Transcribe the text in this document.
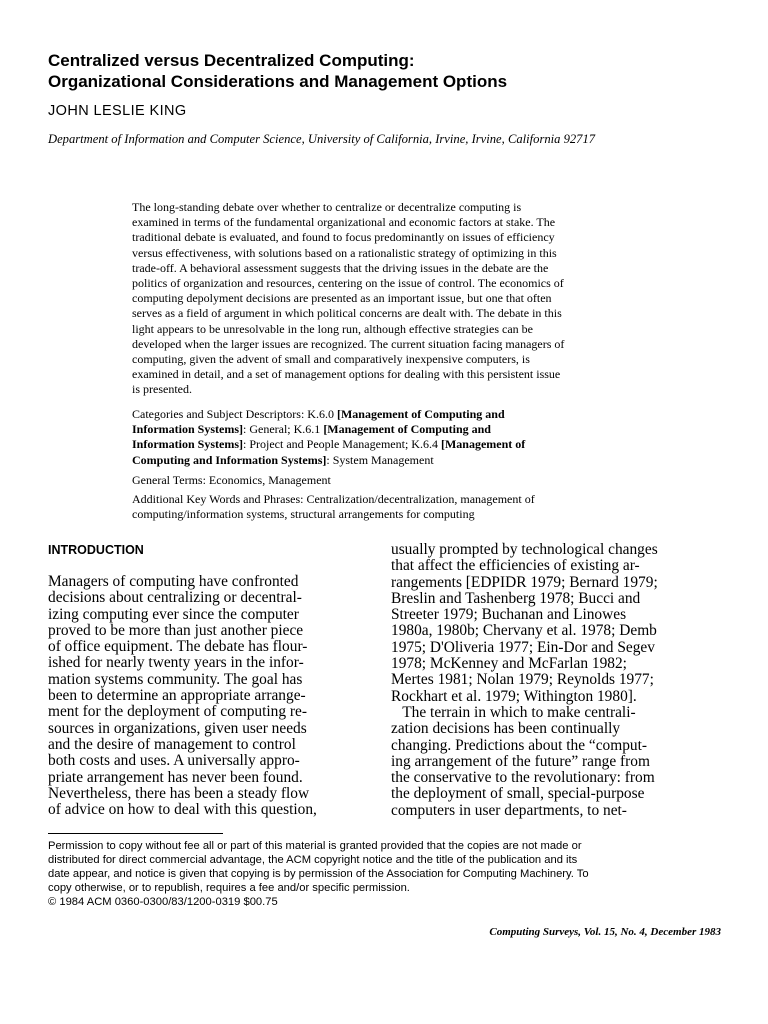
Centralized versus Decentralized Computing:
Organizational Considerations and Management Options
JOHN LESLIE KING
Department of Information and Computer Science, University of California, Irvine, Irvine, California 92717
The long-standing debate over whether to centralize or decentralize computing is
examined in terms of the fundamental organizational and economic factors at stake. The
traditional debate is evaluated, and found to focus predominantly on issues of efficiency
versus effectiveness, with solutions based on a rationalistic strategy of optimizing in this
trade-off. A behavioral assessment suggests that the driving issues in the debate are the
politics of organization and resources, centering on the issue of control. The economics of
computing depolyment decisions are presented as an important issue, but one that often
serves as a field of argument in which political concerns are dealt with. The debate in this
light appears to be unresolvable in the long run, although effective strategies can be
developed when the larger issues are recognized. The current situation facing managers of
computing, given the advent of small and comparatively inexpensive computers, is
examined in detail, and a set of management options for dealing with this persistent issue
is presented.
Categories and Subject Descriptors: K.6.0 [Management of Computing and
Information Systems]: General; K.6.1 [Management of Computing and
Information Systems]: Project and People Management; K.6.4 [Management of
Computing and Information Systems]: System Management
General Terms: Economics, Management
Additional Key Words and Phrases: Centralization/decentralization, management of
computing/information systems, structural arrangements for computing
INTRODUCTION
Managers of computing have confronted
decisions about centralizing or decentral-
izing computing ever since the computer
proved to be more than just another piece
of office equipment. The debate has flour-
ished for nearly twenty years in the infor-
mation systems community. The goal has
been to determine an appropriate arrange-
ment for the deployment of computing re-
sources in organizations, given user needs
and the desire of management to control
both costs and uses. A universally appro-
priate arrangement has never been found.
Nevertheless, there has been a steady flow
of advice on how to deal with this question,
usually prompted by technological changes
that affect the efficiencies of existing ar-
rangements [EDPIDR 1979; Bernard 1979;
Breslin and Tashenberg 1978; Bucci and
Streeter 1979; Buchanan and Linowes
1980a, 1980b; Chervany et al. 1978; Demb
1975; D'Oliveria 1977; Ein-Dor and Segev
1978; McKenney and McFarlan 1982;
Mertes 1981; Nolan 1979; Reynolds 1977;
Rockhart et al. 1979; Withington 1980].
The terrain in which to make centrali-
zation decisions has been continually
changing. Predictions about the “comput-
ing arrangement of the future” range from
the conservative to the revolutionary: from
the deployment of small, special-purpose
computers in user departments, to net-
Permission to copy without fee all or part of this material is granted provided that the copies are not made or
distributed for direct commercial advantage, the ACM copyright notice and the title of the publication and its
date appear, and notice is given that copying is by permission of the Association for Computing Machinery. To
copy otherwise, or to republish, requires a fee and/or specific permission.
© 1984 ACM 0360-0300/83/1200-0319 $00.75
Computing Surveys, Vol. 15, No. 4, December 1983
